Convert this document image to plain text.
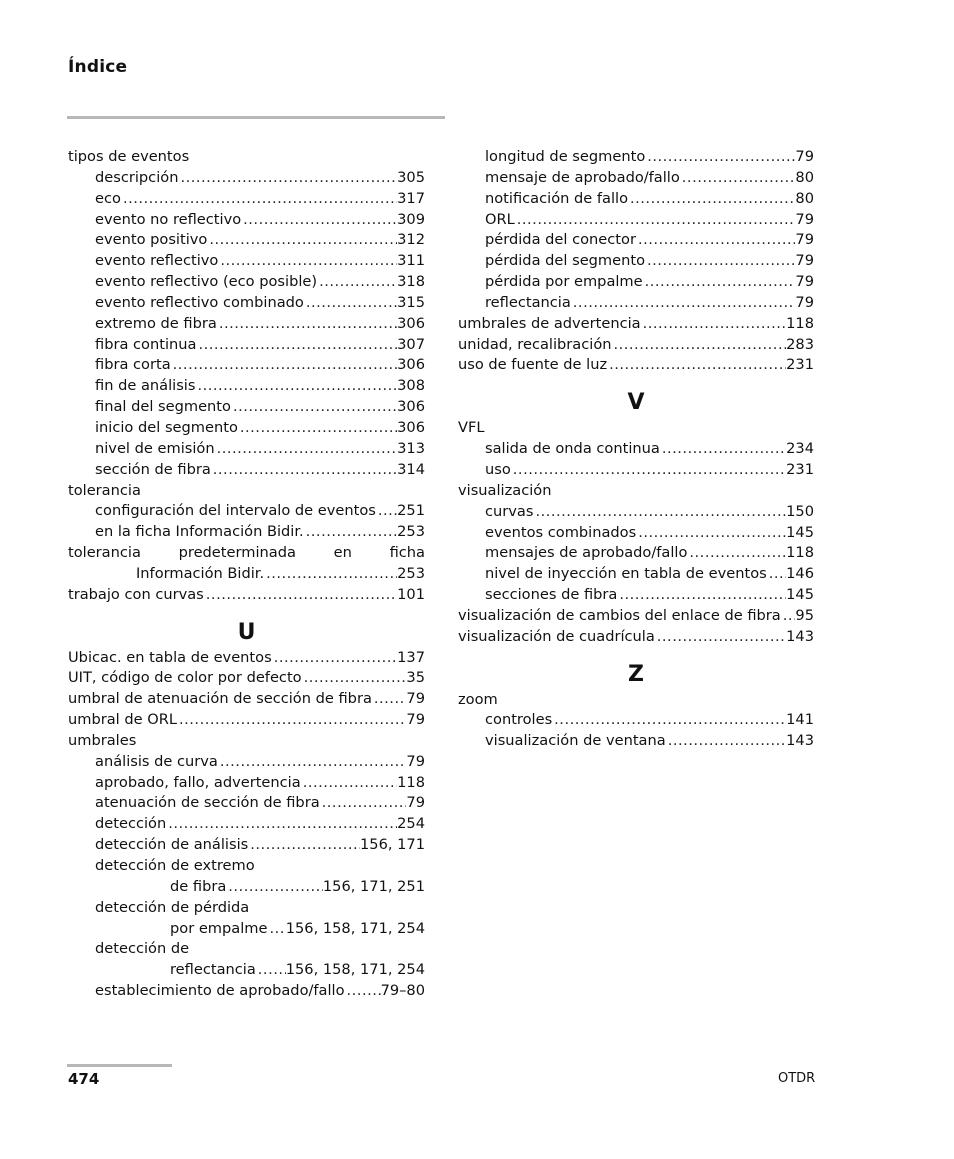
Índice
tipos de eventos
descripción .....	305
eco .....	317
evento no reflectivo .....	309
evento positivo .....	312
evento reflectivo .....	311
evento reflectivo (eco posible) .....	318
evento reflectivo combinado .....	315
extremo de fibra .....	306
fibra continua .....	307
fibra corta .....	306
fin de análisis .....	308
final del segmento .....	306
inicio del segmento .....	306
nivel de emisión .....	313
sección de fibra .....	314
tolerancia
configuración del intervalo de eventos ..... 251
en la ficha Información Bidir. .....	253
tolerancia	predeterminada	en	ficha
Información Bidir. .....	253
trabajo con curvas .....	101
U
Ubicac. en tabla de eventos .....	137
UIT, código de color por defecto .....	35
umbral de atenuación de sección de fibra ..... 79
umbral de ORL .....	79
umbrales
análisis de curva .....	79
aprobado, fallo, advertencia .....	118
atenuación de sección de fibra .....	79
detección .....	254
detección de análisis .....	156, 171
detección de extremo
de fibra .....	156, 171, 251
detección de pérdida
por empalme ..... 156, 158, 171, 254
detección de
reflectancia ..... 156, 158, 171, 254
establecimiento de aprobado/fallo ..... 79–80
longitud de segmento .....	79
mensaje de aprobado/fallo .....	80
notificación de fallo .....	80
ORL .....	79
pérdida del conector .....	79
pérdida del segmento .....	79
pérdida por empalme .....	79
reflectancia .....	79
umbrales de advertencia .....	118
unidad, recalibración .....	283
uso de fuente de luz .....	231
V
VFL
salida de onda continua .....	234
uso .....	231
visualización
curvas .....	150
eventos combinados .....	145
mensajes de aprobado/fallo .....	118
nivel de inyección en tabla de eventos ..... 146
secciones de fibra .....	145
visualización de cambios del enlace de fibra ..... 95
visualización de cuadrícula .....	143
Z
zoom
controles .....	141
visualización de ventana .....	143
474	OTDR
